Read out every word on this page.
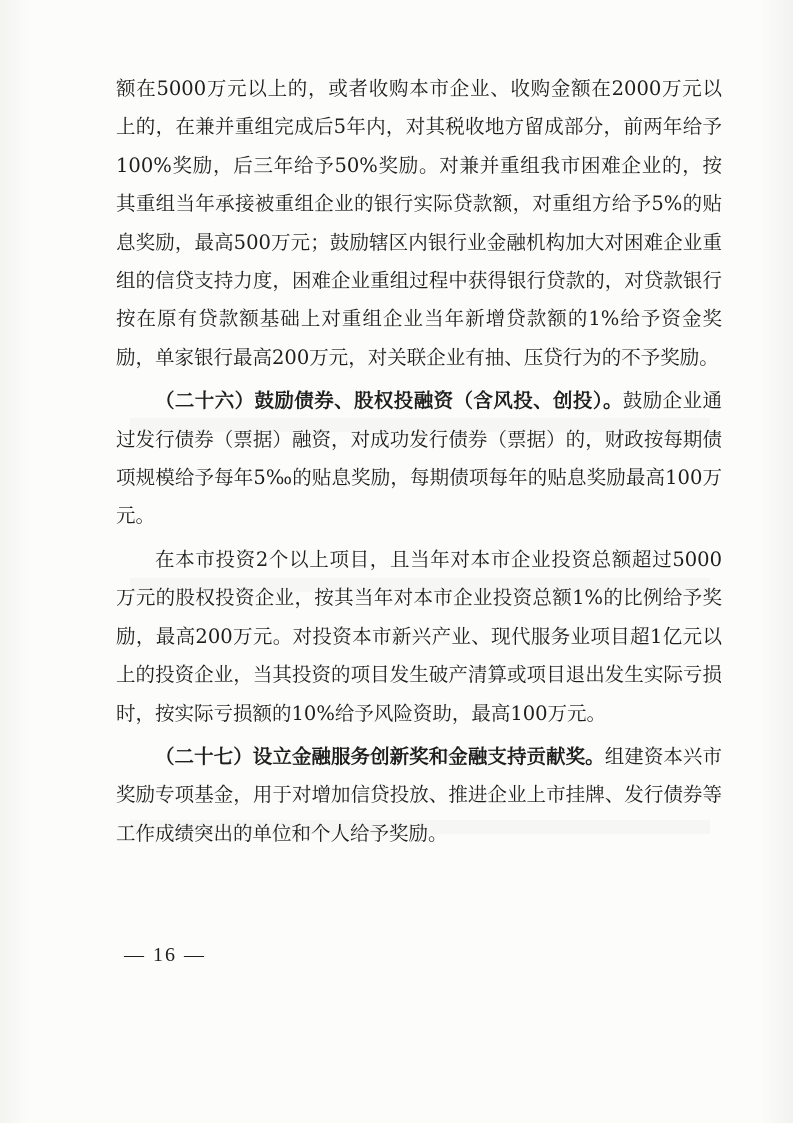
额在5000万元以上的，或者收购本市企业、收购金额在2000万元以上的，在兼并重组完成后5年内，对其税收地方留成部分，前两年给予100%奖励，后三年给予50%奖励。对兼并重组我市困难企业的，按其重组当年承接被重组企业的银行实际贷款额，对重组方给予5%的贴息奖励，最高500万元；鼓励辖区内银行业金融机构加大对困难企业重组的信贷支持力度，困难企业重组过程中获得银行贷款的，对贷款银行按在原有贷款额基础上对重组企业当年新增贷款额的1%给予资金奖励，单家银行最高200万元，对关联企业有抽、压贷行为的不予奖励。

（二十六）鼓励债券、股权投融资（含风投、创投）。鼓励企业通过发行债券（票据）融资，对成功发行债券（票据）的，财政按每期债项规模给予每年5‰的贴息奖励，每期债项每年的贴息奖励最高100万元。

在本市投资2个以上项目，且当年对本市企业投资总额超过5000万元的股权投资企业，按其当年对本市企业投资总额1%的比例给予奖励，最高200万元。对投资本市新兴产业、现代服务业项目超1亿元以上的投资企业，当其投资的项目发生破产清算或项目退出发生实际亏损时，按实际亏损额的10%给予风险资助，最高100万元。

（二十七）设立金融服务创新奖和金融支持贡献奖。组建资本兴市奖励专项基金，用于对增加信贷投放、推进企业上市挂牌、发行债券等工作成绩突出的单位和个人给予奖励。

— 16 —
